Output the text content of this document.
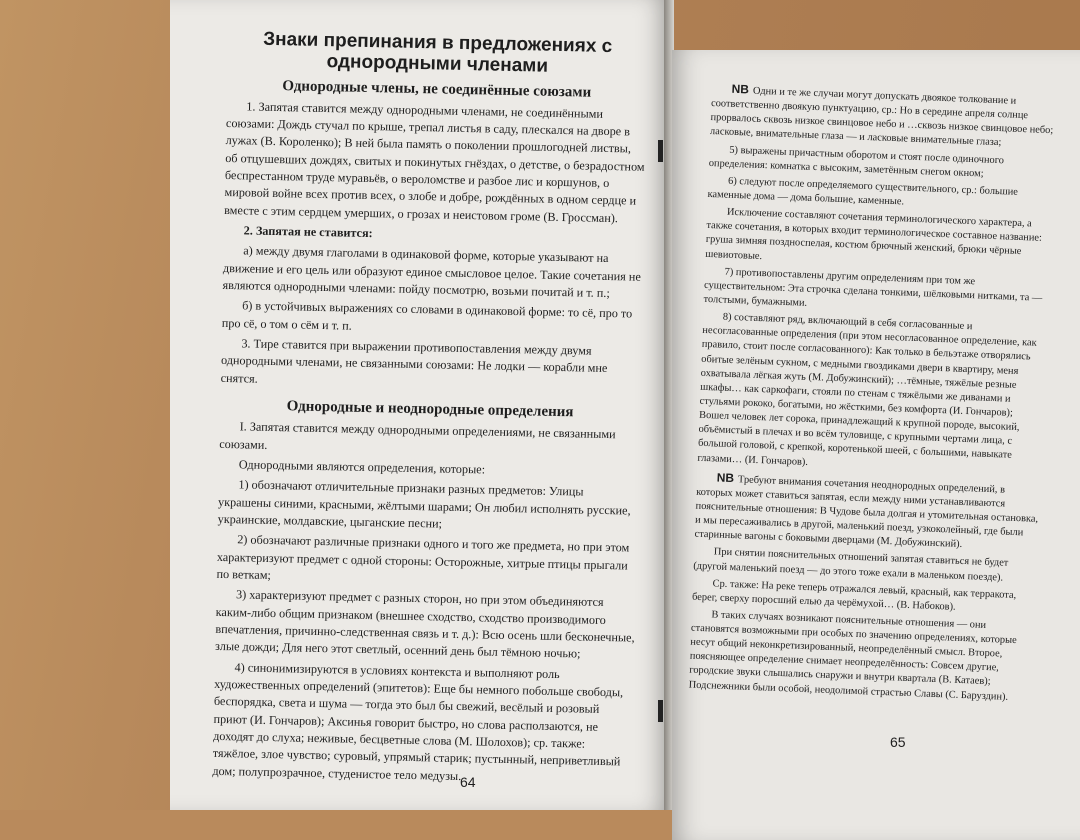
Знаки препинания в предложениях с однородными членами
Однородные члены, не соединённые союзами

1. Запятая ставится между однородными членами, не соединёнными союзами: Дождь стучал по крыше, трепал листья в саду, плескался на дворе в лужах (В. Короленко); В ней была память о поколении прошлогодней листвы, об отцушевших дождях, свитых и покинутых гнёздах, о детстве, о безрадостном беспрестанном труде муравьёв, о вероломстве и разбое лис и коршунов, о мировой войне всех против всех, о злобе и добре, рождённых в одном сердце и вместе с этим сердцем умерших, о грозах и неистовом громе (В. Гроссман).

2. Запятая не ставится:

а) между двумя глаголами в одинаковой форме, которые указывают на движение и его цель или образуют единое смысловое целое. Такие сочетания не являются однородными членами: пойду посмотрю, возьми почитай и т. п.;

б) в устойчивых выражениях со словами в одинаковой форме: то сё, про то про сё, о том о сём и т. п.

3. Тире ставится при выражении противопоставления между двумя однородными членами, не связанными союзами: Не лодки — корабли мне снятся.

Однородные и неоднородные определения

I. Запятая ставится между однородными определениями, не связанными союзами.

Однородными являются определения, которые:

1) обозначают отличительные признаки разных предметов: Улицы украшены синими, красными, жёлтыми шарами; Он любил исполнять русские, украинские, молдавские, цыганские песни;

2) обозначают различные признаки одного и того же предмета, но при этом характеризуют предмет с одной стороны: Осторожные, хитрые птицы прыгали по веткам;

3) характеризуют предмет с разных сторон, но при этом объединяются каким-либо общим признаком (внешнее сходство, сходство производимого впечатления, причинно-следственная связь и т. д.): Всю осень шли бесконечные, злые дожди; Для него этот светлый, осенний день был тёмною ночью;

4) синонимизируются в условиях контекста и выполняют роль художественных определений (эпитетов): Еще бы немного побольше свободы, беспорядка, света и шума — тогда это был бы свежий, весёлый и розовый приют (И. Гончаров); Аксинья говорит быстро, но слова расползаются, не доходят до слуха; неживые, бесцветные слова (М. Шолохов); ср. также: тяжёлое, злое чувство; суровый, упрямый старик; пустынный, неприветливый дом; полупрозрачное, студенистое тело медузы.

64

NB Одни и те же случаи могут допускать двоякое толкование и соответственно двоякую пунктуацию, ср.: Но в середине апреля солнце прорвалось сквозь низкое свинцовое небо и …сквозь низкое свинцовое небо; ласковые, внимательные глаза — и ласковые внимательные глаза;

5) выражены причастным оборотом и стоят после одиночного определения: комнатка с высоким, заметённым снегом окном;

6) следуют после определяемого существительного, ср.: большие каменные дома — дома большие, каменные.

Исключение составляют сочетания терминологического характера, а также сочетания, в которых входит терминологическое составное название: груша зимняя поздноспелая, костюм брючный женский, брюки чёрные шевиотовые.

7) противопоставлены другим определениям при том же существительном: Эта строчка сделана тонкими, шёлковыми нитками, та — толстыми, бумажными.

8) составляют ряд, включающий в себя согласованные и несогласованные определения (при этом несогласованное определение, как правило, стоит после согласованного): Как только в бельэтаже отворялись обитые зелёным сукном, с медными гвоздиками двери в квартиру, меня охватывала лёгкая жуть (М. Добужинский); …тёмные, тяжёлые резные шкафы… как саркофаги, стояли по стенам с тяжёлыми же диванами и стульями рококо, богатыми, но жёсткими, без комфорта (И. Гончаров); Вошел человек лет сорока, принадлежащий к крупной породе, высокий, объёмистый в плечах и во всём туловище, с крупными чертами лица, с большой головой, с крепкой, коротенькой шеей, с большими, навыкате глазами… (И. Гончаров).

NB Требуют внимания сочетания неоднородных определений, в которых может ставиться запятая, если между ними устанавливаются пояснительные отношения: В Чудове была долгая и утомительная остановка, и мы пересаживались в другой, маленький поезд, узкоколейный, где были старинные вагоны с боковыми дверцами (М. Добужинский).

При снятии пояснительных отношений запятая ставиться не будет (другой маленький поезд — до этого тоже ехали в маленьком поезде).

Ср. также: На реке теперь отражался левый, красный, как терракота, берег, сверху поросший елью да черёмухой… (В. Набоков).

В таких случаях возникают пояснительные отношения — они становятся возможными при особых по значению определениях, которые несут общий неконкретизированный, неопределённый смысл. Второе, поясняющее определение снимает неопределённость: Совсем другие, городские звуки слышались снаружи и внутри квартала (В. Катаев); Подснежники были особой, неодолимой страстью Славы (С. Баруздин).

65
